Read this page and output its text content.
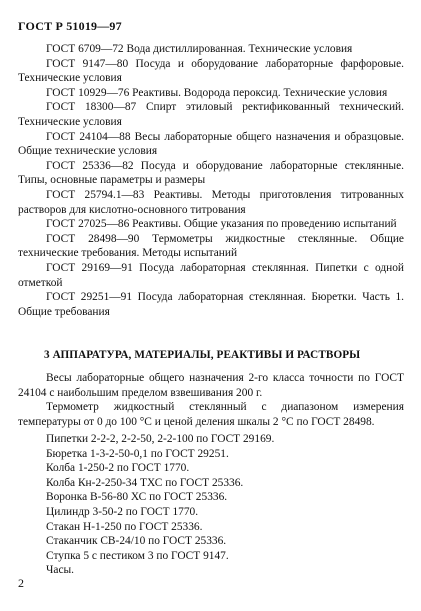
ГОСТ Р 51019—97

ГОСТ 6709—72 Вода дистиллированная. Технические условия

ГОСТ 9147—80 Посуда и оборудование лабораторные фарфоровые. Технические условия

ГОСТ 10929—76 Реактивы. Водорода пероксид. Технические условия

ГОСТ 18300—87 Спирт этиловый ректификованный технический. Технические условия

ГОСТ 24104—88 Весы лабораторные общего назначения и образцовые. Общие технические условия

ГОСТ 25336—82 Посуда и оборудование лабораторные стеклянные. Типы, основные параметры и размеры

ГОСТ 25794.1—83 Реактивы. Методы приготовления титрованных растворов для кислотно-основного титрования

ГОСТ 27025—86 Реактивы. Общие указания по проведению испытаний

ГОСТ 28498—90 Термометры жидкостные стеклянные. Общие технические требования. Методы испытаний

ГОСТ 29169—91 Посуда лабораторная стеклянная. Пипетки с одной отметкой

ГОСТ 29251—91 Посуда лабораторная стеклянная. Бюретки. Часть 1. Общие требования

3 АППАРАТУРА, МАТЕРИАЛЫ, РЕАКТИВЫ И РАСТВОРЫ

Весы лабораторные общего назначения 2-го класса точности по ГОСТ 24104 с наибольшим пределом взвешивания 200 г.

Термометр жидкостный стеклянный с диапазоном измерения температуры от 0 до 100 °С и ценой деления шкалы 2 °С по ГОСТ 28498.

Пипетки 2-2-2, 2-2-50, 2-2-100 по ГОСТ 29169.

Бюретка 1-3-2-50-0,1 по ГОСТ 29251.

Колба 1-250-2 по ГОСТ 1770.

Колба Кн-2-250-34 ТХС по ГОСТ 25336.

Воронка В-56-80 ХС по ГОСТ 25336.

Цилиндр 3-50-2 по ГОСТ 1770.

Стакан Н-1-250 по ГОСТ 25336.

Стаканчик СВ-24/10 по ГОСТ 25336.

Ступка 5 с пестиком 3 по ГОСТ 9147.

Часы.

2
